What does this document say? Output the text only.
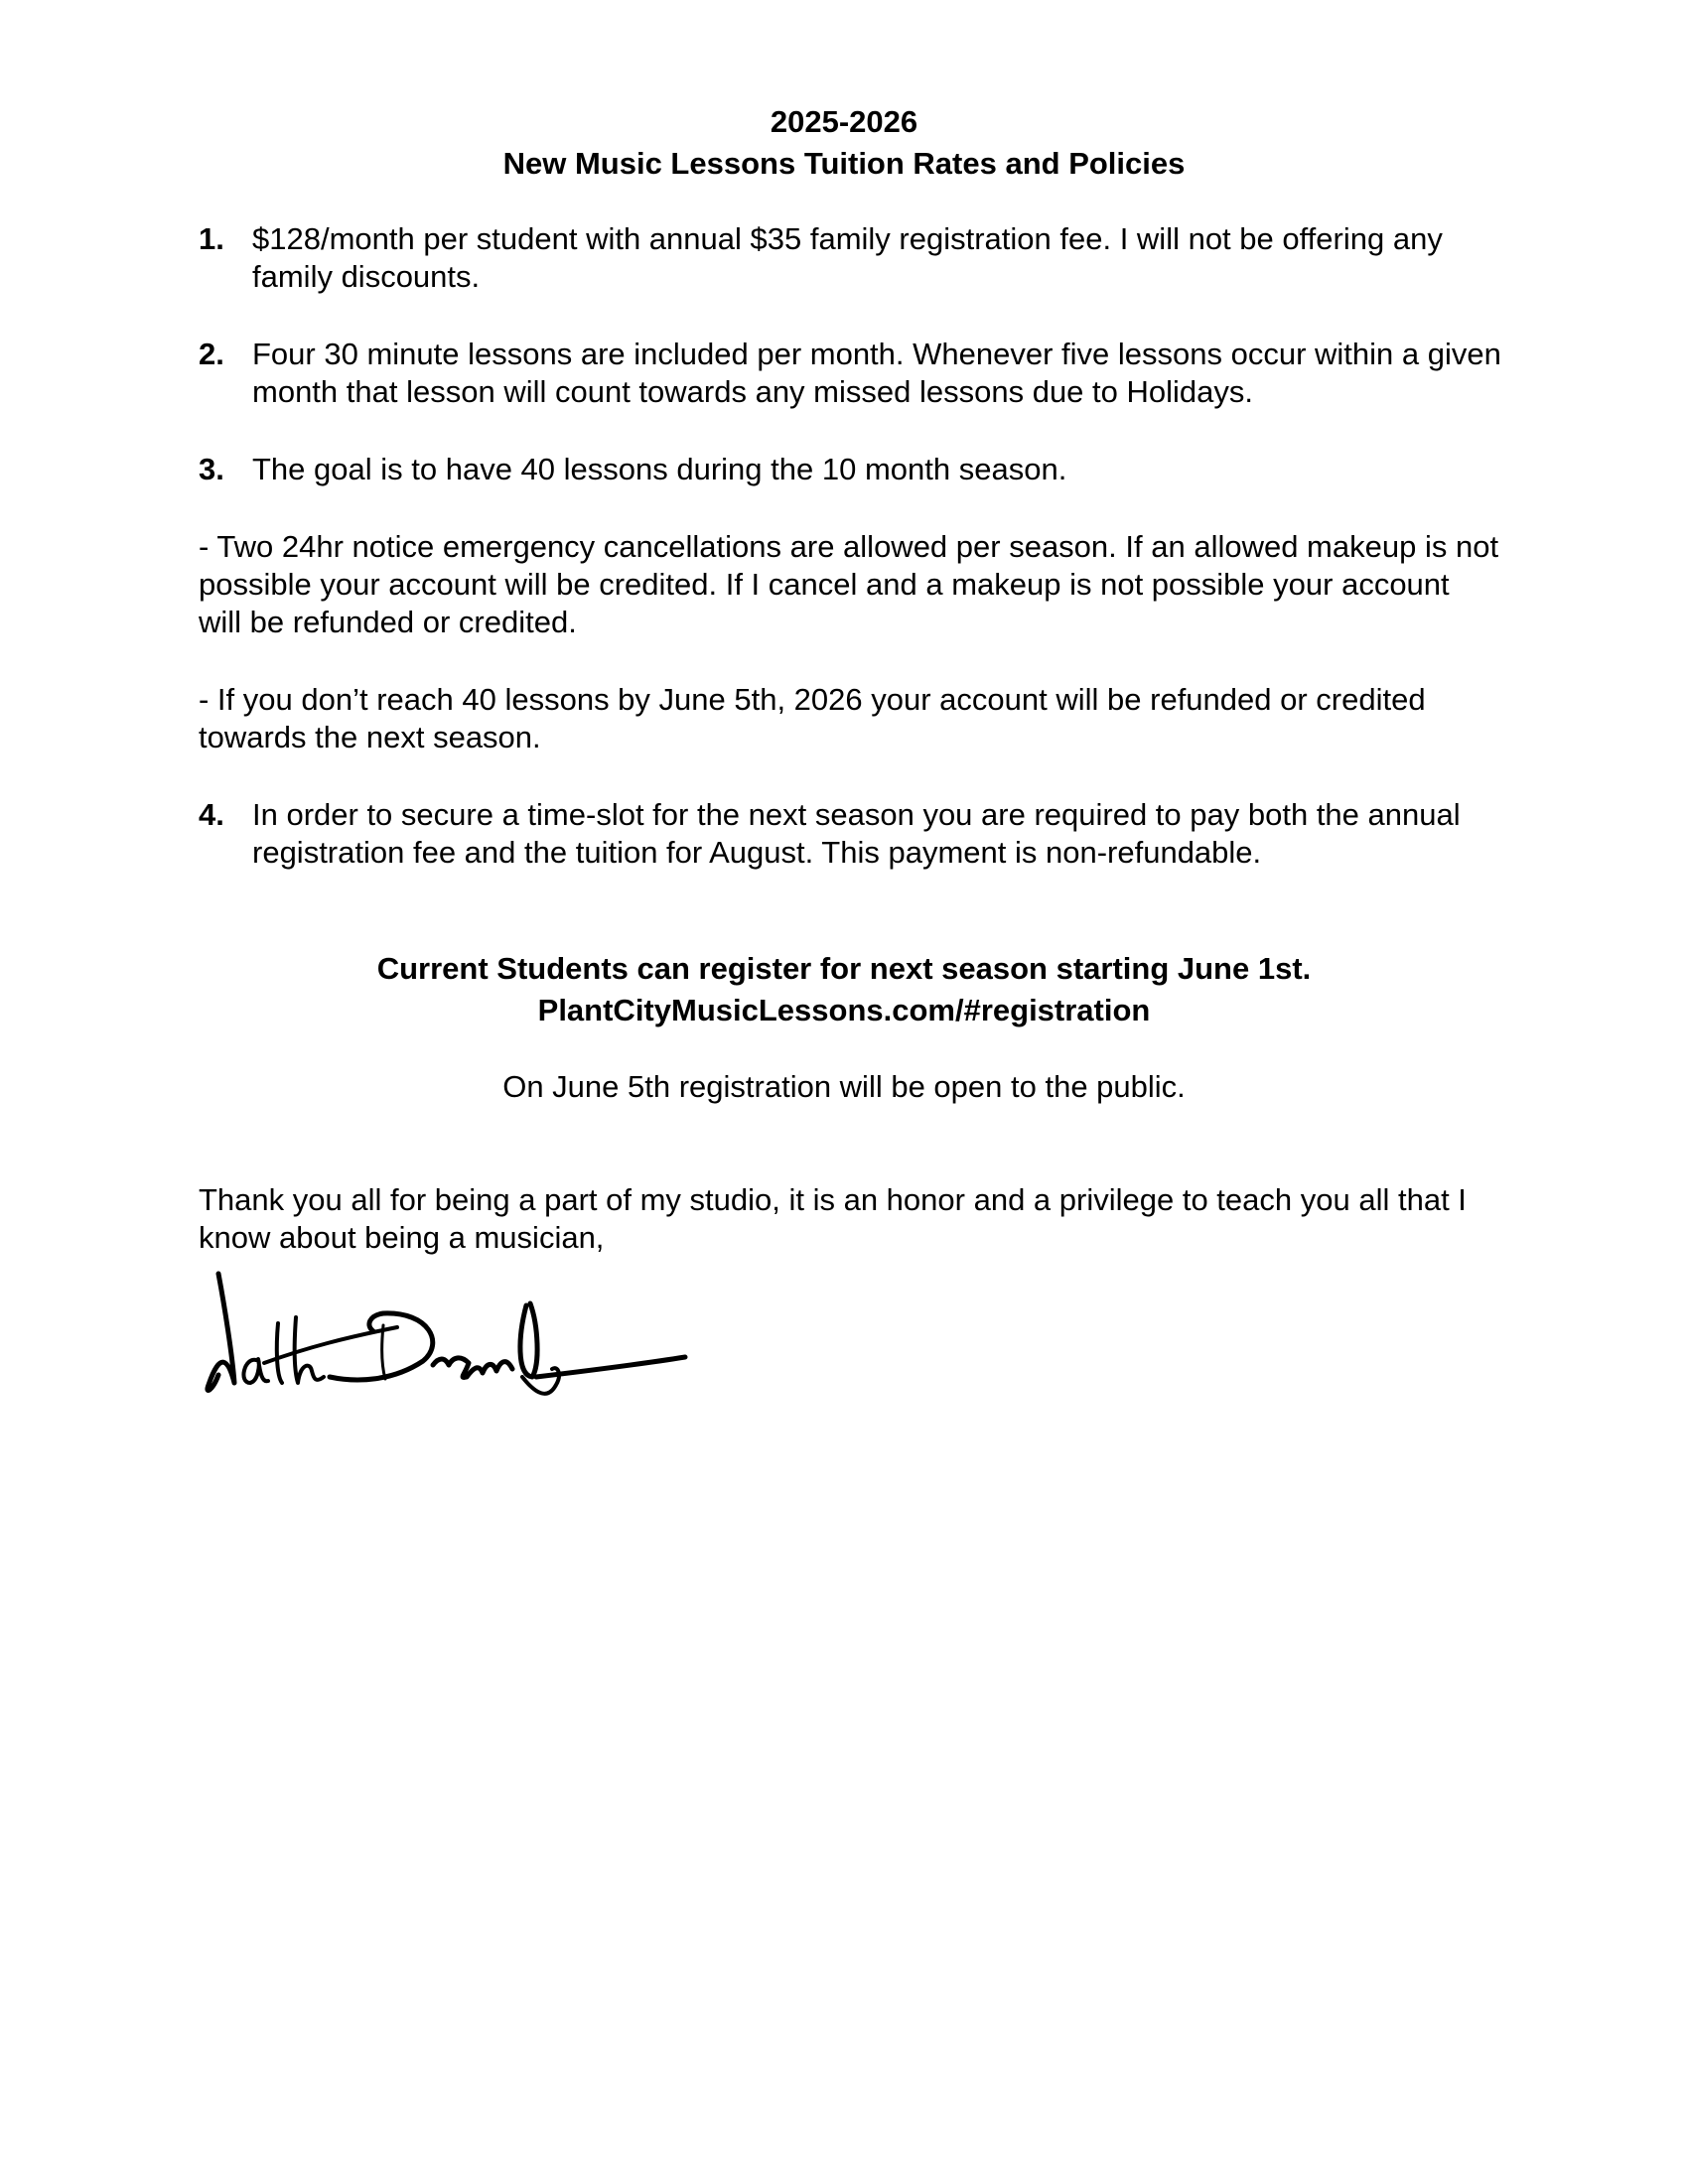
2025-2026
New Music Lessons Tuition Rates and Policies
1. $128/month per student with annual $35 family registration fee. I will not be offering any family discounts.
2. Four 30 minute lessons are included per month. Whenever five lessons occur within a given month that lesson will count towards any missed lessons due to Holidays.
3. The goal is to have 40 lessons during the 10 month season.
- Two 24hr notice emergency cancellations are allowed per season. If an allowed makeup is not possible your account will be credited. If I cancel and a makeup is not possible your account will be refunded or credited.
- If you don’t reach 40 lessons by June 5th, 2026 your account will be refunded or credited towards the next season.
4. In order to secure a time-slot for the next season you are required to pay both the annual registration fee and the tuition for August. This payment is non-refundable.
Current Students can register for next season starting June 1st.
PlantCityMusicLessons.com/#registration
On June 5th registration will be open to the public.
Thank you all for being a part of my studio, it is an honor and a privilege to teach you all that I know about being a musician,
